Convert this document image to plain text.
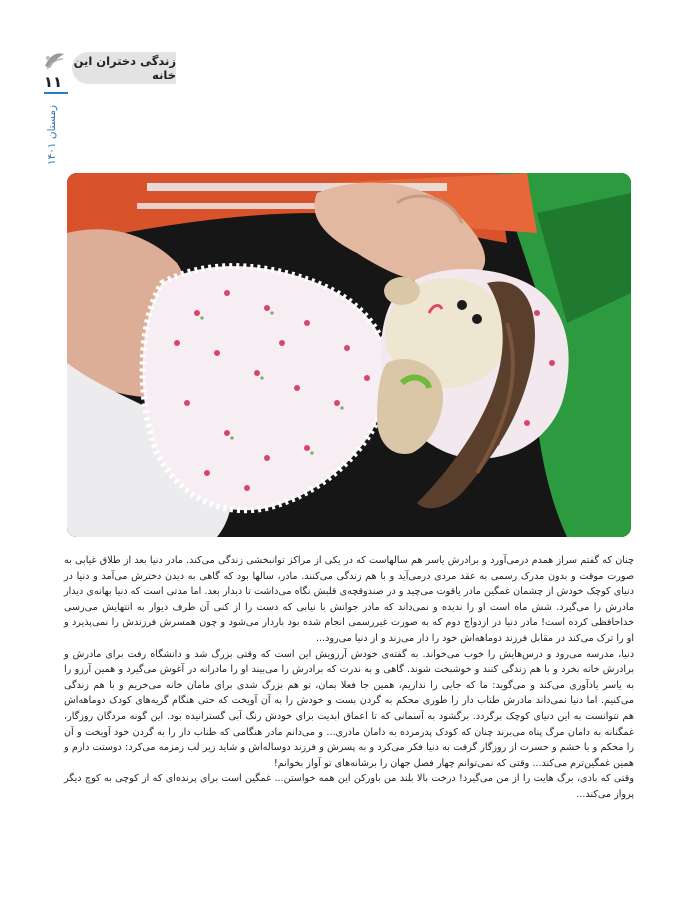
زندگی دختران این خانه
۱۱
زمستان ۱۴۰۱

چنان که گفتم سراز همدم درمی‌آورد و برادرش یاسر هم سالهاست که در یکی از مراکز توانبخشی زندگی می‌کند. مادر دنیا بعد از طلاق غیابی به صورت موقت و بدون مدرک رسمی به عقد مردی درمی‌آید و با هم زندگی می‌کنند. مادر، سالها بود که گاهی به دیدن دخترش می‌آمد و دنیا در دنیای کوچک خودش از چشمان غمگین مادر یاقوت می‌چید و در صندوقچه‌ی قلبش نگاه می‌داشت تا دیدار بعد. اما مدتی است که دنیا بهانه‌ی دیدار مادرش را می‌گیرد. شش ماه است او را ندیده و نمی‌داند که مادر جوانش با نیابی که دست را از کنی آن طرف دیوار به انتهایش می‌رسی خداحافظی کرده است! مادر دنیا در ازدواج دوم که به صورت غیررسمی انجام شده بود باردار می‌شود و چون همسرش فرزندش را نمی‌پذیرد و او را ترک می‌کند در مقابل فرزند دوماهه‌اش خود را دار می‌زند و از دنیا می‌رود...

دنیا، مدرسه می‌رود و درس‌هایش را خوب می‌خواند. به گفته‌ی خودش آرزویش این است که وقتی بزرگ شد و دانشگاه رفت برای مادرش و برادرش خانه بخرد و با هم زندگی کنند و خوشبخت شوند. گاهی و به ندرت که برادرش را می‌بیند او را مادرانه در آغوش می‌گیرد و همین آرزو را به یاسر یادآوری می‌کند و می‌گوید: ما که جایی را نداریم، همین جا فعلا بمان، تو هم بزرگ شدی برای مامان خانه می‌خریم و با هم زندگی می‌کنیم. اما دنیا نمی‌داند مادرش طناب دار را طوری محکم به گردن بست و خودش را به آن آویخت که حتی هنگام گریه‌های کودک دوماهه‌اش هم نتوانست به این دنیای کوچک برگردد. برگشود به آسمانی که تا اعماق ابدیت برای خودش رنگ آبی گسترانیده بود. این گونه مردگان روزگار، غمگنانه به دامان مرگ پناه می‌برند چنان که کودک پدرمرده به دامان مادری... و می‌دانم مادر هنگامی که طناب دار را به گردن خود آویخت و آن را محکم و با خشم و حسرت از روزگار گرفت به دنیا فکر می‌کرد و به پسرش و فرزند دوساله‌اش و شاید زیر لب زمزمه می‌کرد: دوستت دارم و همین غمگین‌ترم می‌کند... وقتی که نمی‌توانم چهار فصل جهان را برشانه‌های تو آواز بخوانم!

وقتی که بادی، برگ هایت را از من می‌گیرد! درخت بالا بلند من باورکن این همه خواستن... غمگین است برای پرنده‌ای که از کوچی به کوچ دیگر پرواز می‌کند...
